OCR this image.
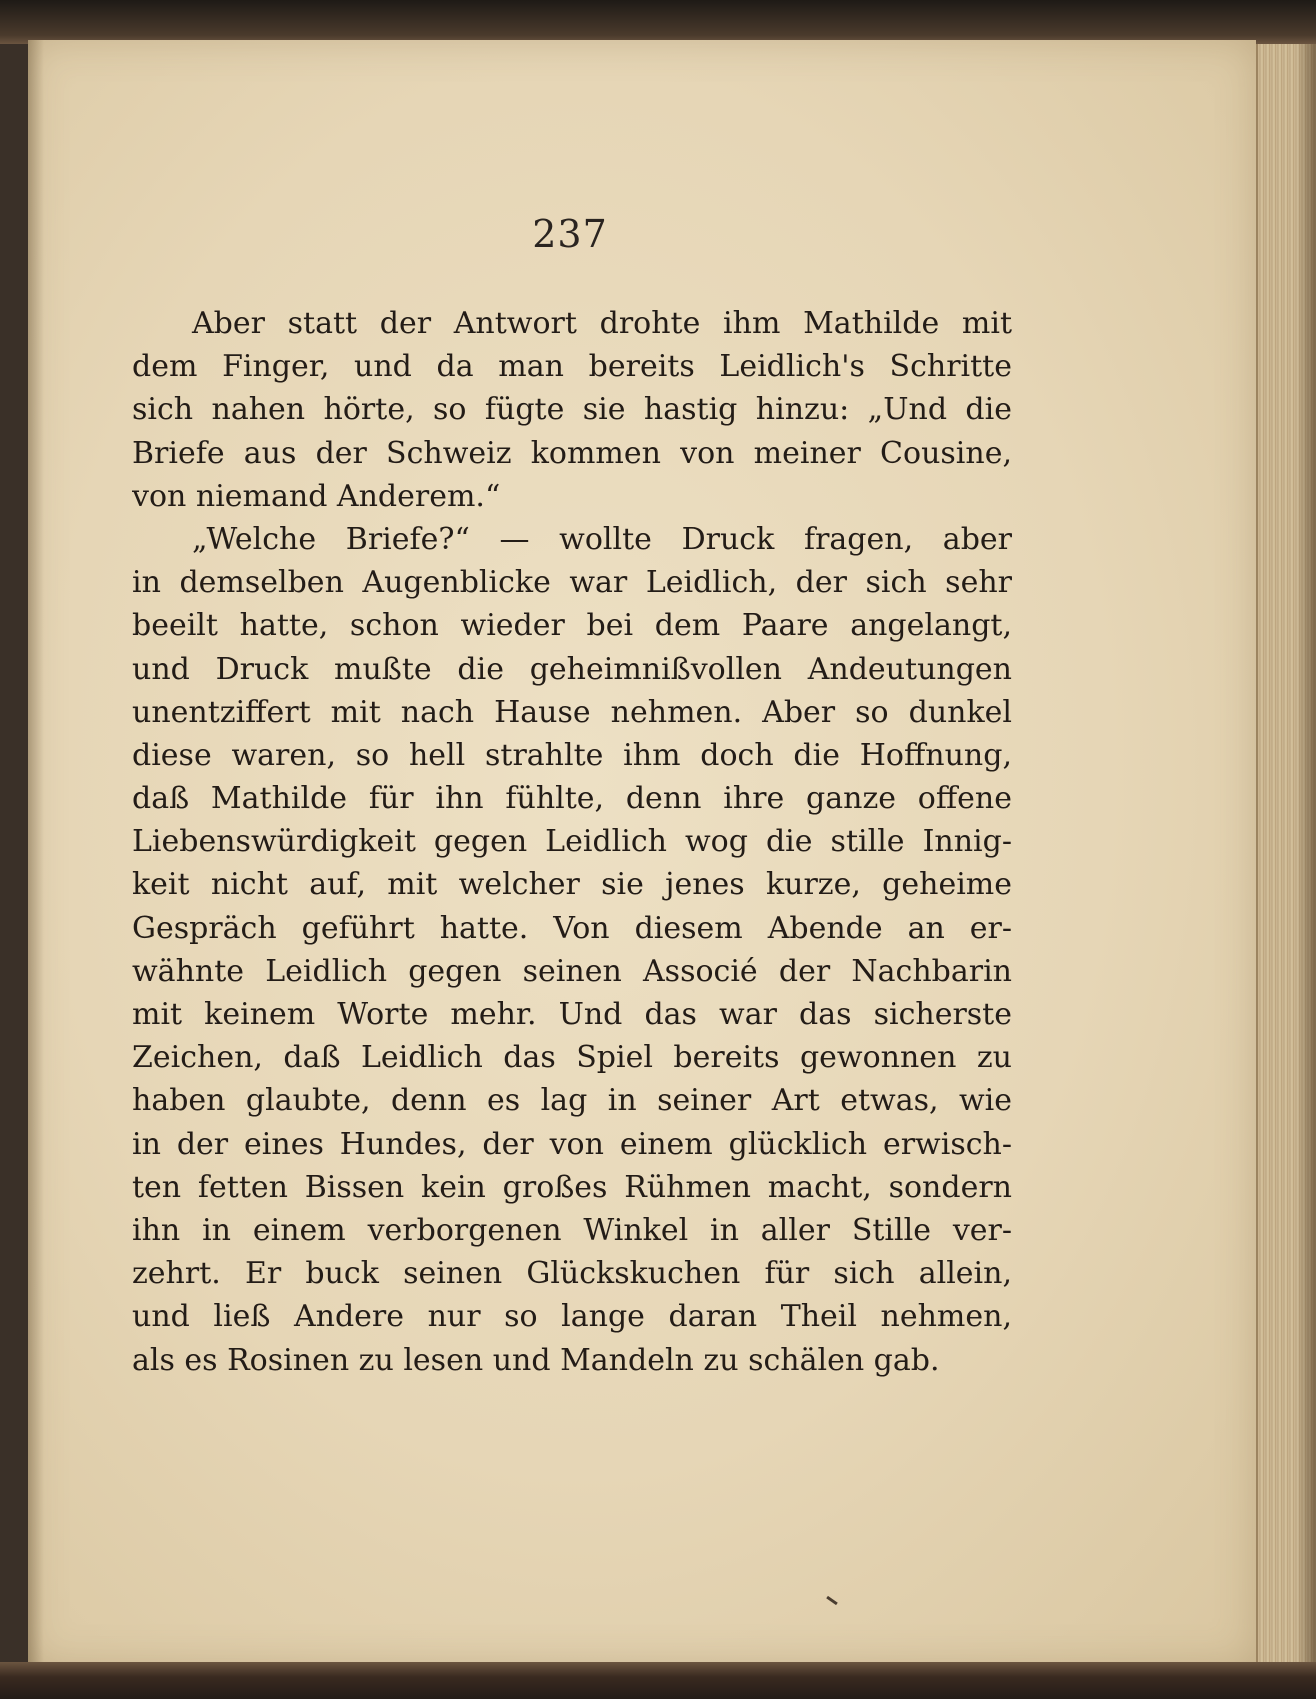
237
Aber statt der Antwort drohte ihm Mathilde mit
dem Finger, und da man bereits Leidlich's Schritte
sich nahen hörte, so fügte sie hastig hinzu: „Und die
Briefe aus der Schweiz kommen von meiner Cousine,
von niemand Anderem.“
„Welche Briefe?“ — wollte Druck fragen, aber
in demselben Augenblicke war Leidlich, der sich sehr
beeilt hatte, schon wieder bei dem Paare angelangt,
und Druck mußte die geheimnißvollen Andeutungen
unentziffert mit nach Hause nehmen. Aber so dunkel
diese waren, so hell strahlte ihm doch die Hoffnung,
daß Mathilde für ihn fühlte, denn ihre ganze offene
Liebenswürdigkeit gegen Leidlich wog die stille Innig-
keit nicht auf, mit welcher sie jenes kurze, geheime
Gespräch geführt hatte. Von diesem Abende an er-
wähnte Leidlich gegen seinen Associé der Nachbarin
mit keinem Worte mehr. Und das war das sicherste
Zeichen, daß Leidlich das Spiel bereits gewonnen zu
haben glaubte, denn es lag in seiner Art etwas, wie
in der eines Hundes, der von einem glücklich erwisch-
ten fetten Bissen kein großes Rühmen macht, sondern
ihn in einem verborgenen Winkel in aller Stille ver-
zehrt. Er buck seinen Glückskuchen für sich allein,
und ließ Andere nur so lange daran Theil nehmen,
als es Rosinen zu lesen und Mandeln zu schälen gab.
